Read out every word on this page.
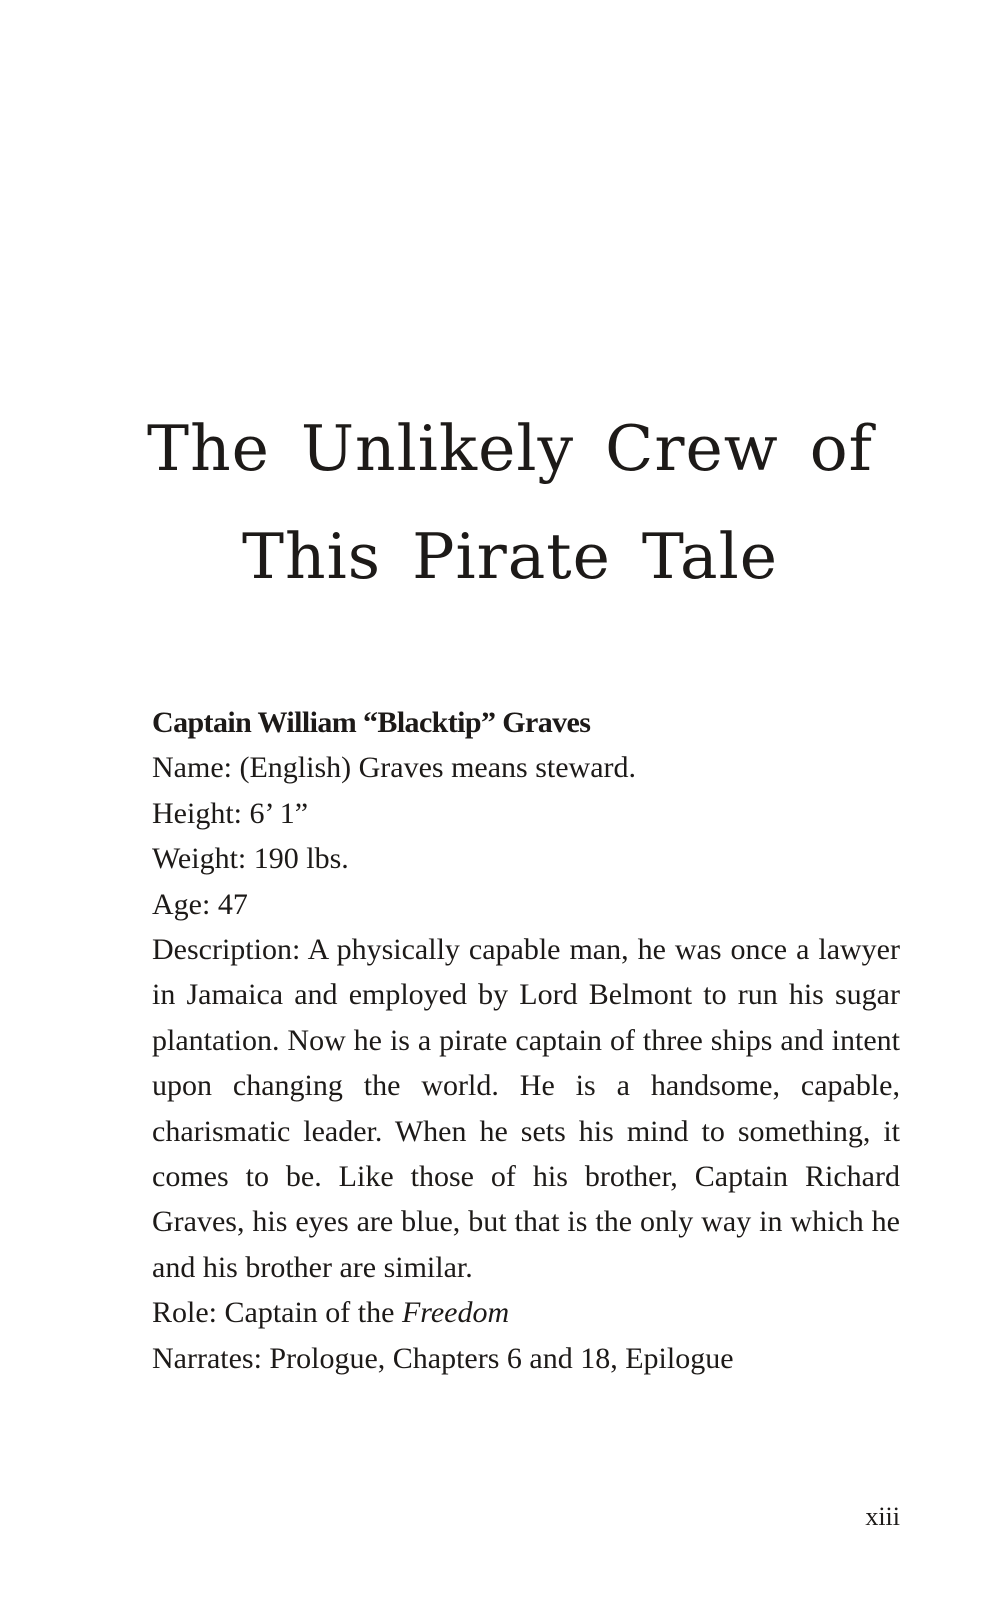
The Unlikely Crew of
This Pirate Tale

Captain William “Blacktip” Graves

Name: (English) Graves means steward.

Height: 6’ 1”

Weight: 190 lbs.

Age: 47

Description: A physically capable man, he was once a lawyer in Jamaica and employed by Lord Belmont to run his sugar plantation. Now he is a pirate captain of three ships and intent upon changing the world. He is a handsome, capable, charismatic leader. When he sets his mind to something, it comes to be. Like those of his brother, Captain Richard Graves, his eyes are blue, but that is the only way in which he and his brother are similar.

Role: Captain of the Freedom

Narrates: Prologue, Chapters 6 and 18, Epilogue

xiii
